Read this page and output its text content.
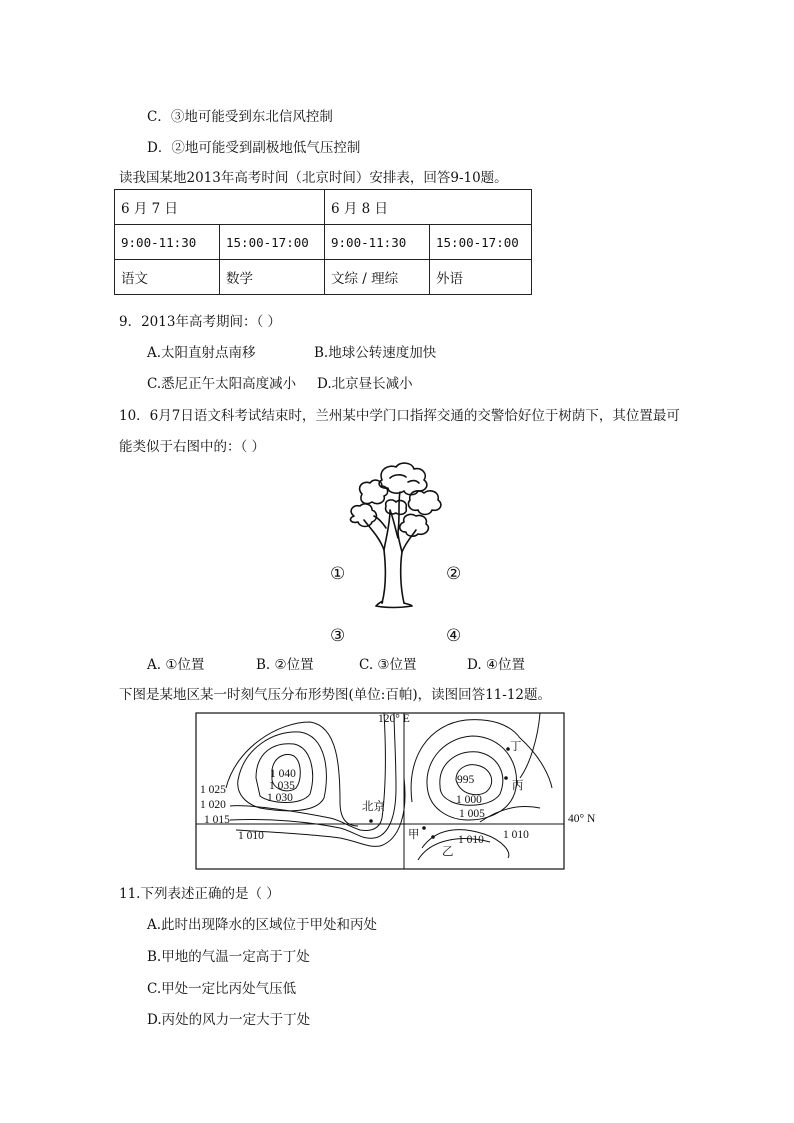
C．③地可能受到东北信风控制
D．②地可能受到副极地低气压控制
读我国某地2013年高考时间（北京时间）安排表，回答9-10题。
6 月 7 日		6 月 8 日	
9:00-11:30	15:00-17:00	9:00-11:30	15:00-17:00
语文	数学	文综 / 理综	外语
9．2013年高考期间：（ ）
A.太阳直射点南移	B.地球公转速度加快
C.悉尼正午太阳高度减小 D.北京昼长减小
10．6月7日语文科考试结束时，兰州某中学门口指挥交通的交警恰好位于树荫下，其位置最可
能类似于右图中的：（ ）
①	②
③	④
A. ①位置	B. ②位置	C. ③位置	D. ④位置
下图是某地区某一时刻气压分布形势图(单位:百帕)，读图回答11-12题。
120° E
40° N
1 040
1 035
1 030
1 025
1 020
1 015
1 010
995
1 000
1 005
1 010 1 010
北京
甲
乙
丙
丁
11.下列表述正确的是（ ）
A.此时出现降水的区域位于甲处和丙处
B.甲地的气温一定高于丁处
C.甲处一定比丙处气压低
D.丙处的风力一定大于丁处
